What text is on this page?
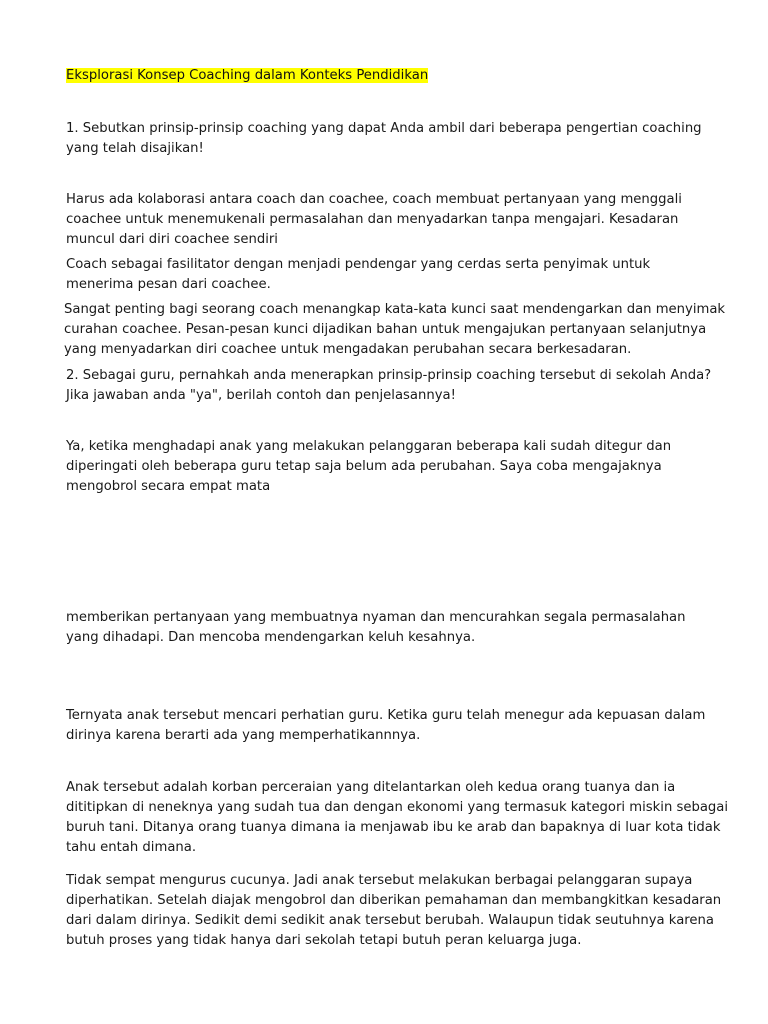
Eksplorasi Konsep Coaching dalam Konteks Pendidikan

1. Sebutkan prinsip-prinsip coaching yang dapat Anda ambil dari beberapa pengertian coaching yang telah disajikan!

Harus ada kolaborasi antara coach dan coachee, coach membuat pertanyaan yang menggali coachee untuk menemukenali permasalahan dan menyadarkan tanpa mengajari. Kesadaran muncul dari diri coachee sendiri

Coach sebagai fasilitator dengan menjadi pendengar yang cerdas serta penyimak untuk menerima pesan dari coachee.

Sangat penting bagi seorang coach menangkap kata-kata kunci saat mendengarkan dan menyimak curahan coachee. Pesan-pesan kunci dijadikan bahan untuk mengajukan pertanyaan selanjutnya yang menyadarkan diri coachee untuk mengadakan perubahan secara berkesadaran.

2. Sebagai guru, pernahkah anda menerapkan prinsip-prinsip coaching tersebut di sekolah Anda? Jika jawaban anda "ya", berilah contoh dan penjelasannya!

Ya, ketika menghadapi anak yang melakukan pelanggaran beberapa kali sudah ditegur dan diperingati oleh beberapa guru tetap saja belum ada perubahan. Saya coba mengajaknya mengobrol secara empat mata

memberikan pertanyaan yang membuatnya nyaman dan mencurahkan segala permasalahan yang dihadapi. Dan mencoba mendengarkan keluh kesahnya.

Ternyata anak tersebut mencari perhatian guru. Ketika guru telah menegur ada kepuasan dalam dirinya karena berarti ada yang memperhatikannnya.

Anak tersebut adalah korban perceraian yang ditelantarkan oleh kedua orang tuanya dan ia dititipkan di neneknya yang sudah tua dan dengan ekonomi yang termasuk kategori miskin sebagai buruh tani. Ditanya orang tuanya dimana ia menjawab ibu ke arab dan bapaknya di luar kota tidak tahu entah dimana.

Tidak sempat mengurus cucunya. Jadi anak tersebut melakukan berbagai pelanggaran supaya diperhatikan. Setelah diajak mengobrol dan diberikan pemahaman dan membangkitkan kesadaran dari dalam dirinya. Sedikit demi sedikit anak tersebut berubah. Walaupun tidak seutuhnya karena butuh proses yang tidak hanya dari sekolah tetapi butuh peran keluarga juga.
